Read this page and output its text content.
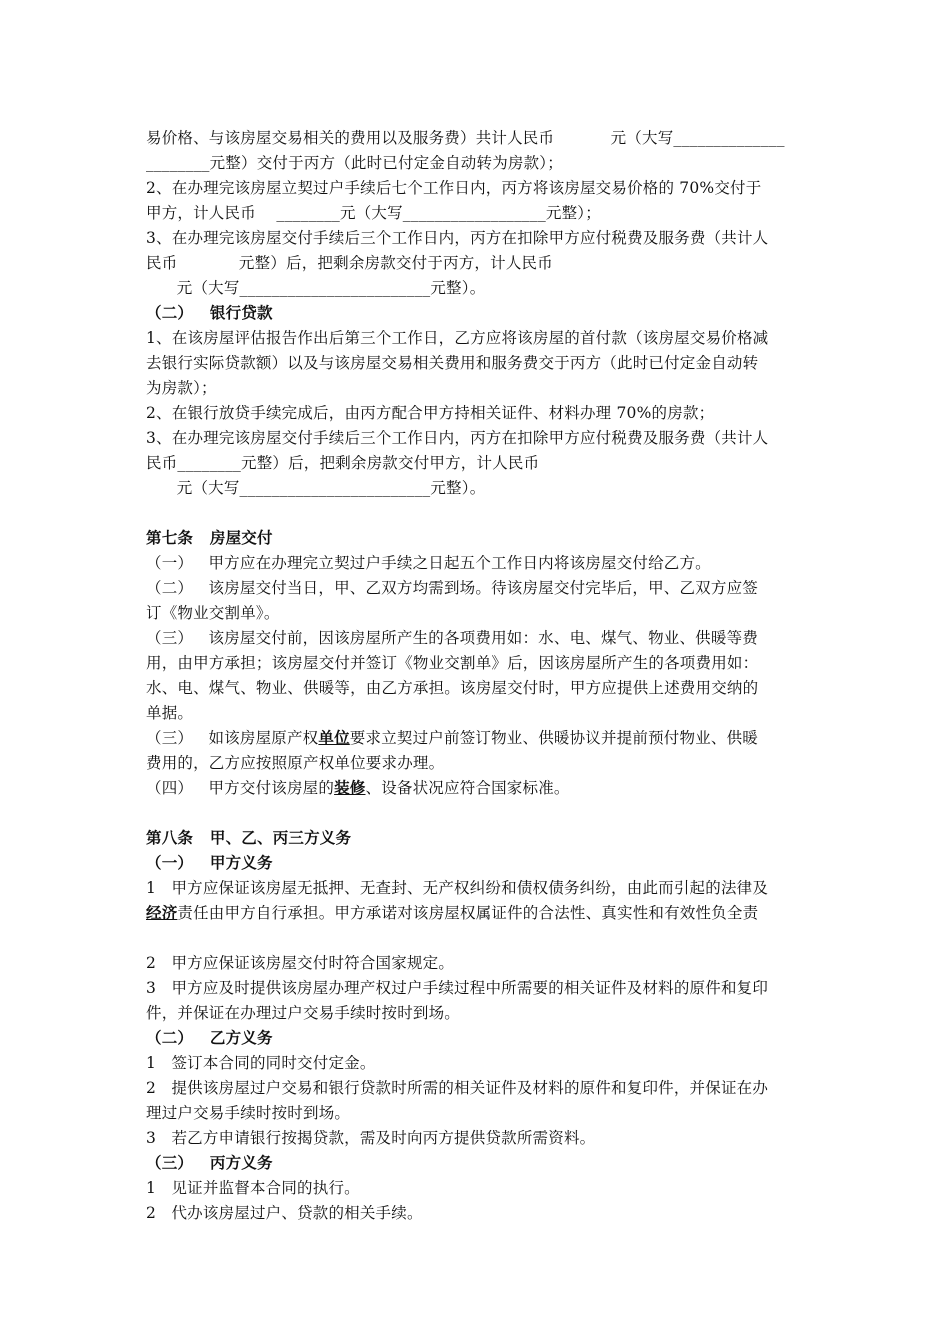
易价格、与该房屋交易相关的费用以及服务费）共计人民币           元（大写______________
________元整）交付于丙方（此时已付定金自动转为房款）；
2、在办理完该房屋立契过户手续后七个工作日内，丙方将该房屋交易价格的 70%交付于
甲方，计人民币    ________元（大写__________________元整）；
3、在办理完该房屋交付手续后三个工作日内，丙方在扣除甲方应付税费及服务费（共计人
民币            元整）后，把剩余房款交付于丙方，计人民币
元（大写________________________元整）。
（二）   银行贷款
1、在该房屋评估报告作出后第三个工作日，乙方应将该房屋的首付款（该房屋交易价格减
去银行实际贷款额）以及与该房屋交易相关费用和服务费交于丙方（此时已付定金自动转
为房款）；
2、在银行放贷手续完成后，由丙方配合甲方持相关证件、材料办理 70%的房款；
3、在办理完该房屋交付手续后三个工作日内，丙方在扣除甲方应付税费及服务费（共计人
民币________元整）后，把剩余房款交付甲方，计人民币
元（大写________________________元整）。
第七条   房屋交付
（一）   甲方应在办理完立契过户手续之日起五个工作日内将该房屋交付给乙方。
（二）   该房屋交付当日，甲、乙双方均需到场。待该房屋交付完毕后，甲、乙双方应签
订《物业交割单》。
（三）   该房屋交付前，因该房屋所产生的各项费用如：水、电、煤气、物业、供暖等费
用，由甲方承担；该房屋交付并签订《物业交割单》后，因该房屋所产生的各项费用如：
水、电、煤气、物业、供暖等，由乙方承担。该房屋交付时，甲方应提供上述费用交纳的
单据。
（三）   如该房屋原产权单位要求立契过户前签订物业、供暖协议并提前预付物业、供暖
费用的，乙方应按照原产权单位要求办理。
（四）   甲方交付该房屋的装修、设备状况应符合国家标准。
第八条   甲、乙、丙三方义务
（一）   甲方义务
1   甲方应保证该房屋无抵押、无查封、无产权纠纷和债权债务纠纷，由此而引起的法律及
经济责任由甲方自行承担。甲方承诺对该房屋权属证件的合法性、真实性和有效性负全责
2   甲方应保证该房屋交付时符合国家规定。
3   甲方应及时提供该房屋办理产权过户手续过程中所需要的相关证件及材料的原件和复印
件，并保证在办理过户交易手续时按时到场。
（二）   乙方义务
1   签订本合同的同时交付定金。
2   提供该房屋过户交易和银行贷款时所需的相关证件及材料的原件和复印件，并保证在办
理过户交易手续时按时到场。
3   若乙方申请银行按揭贷款，需及时向丙方提供贷款所需资料。
（三）   丙方义务
1   见证并监督本合同的执行。
2   代办该房屋过户、贷款的相关手续。
